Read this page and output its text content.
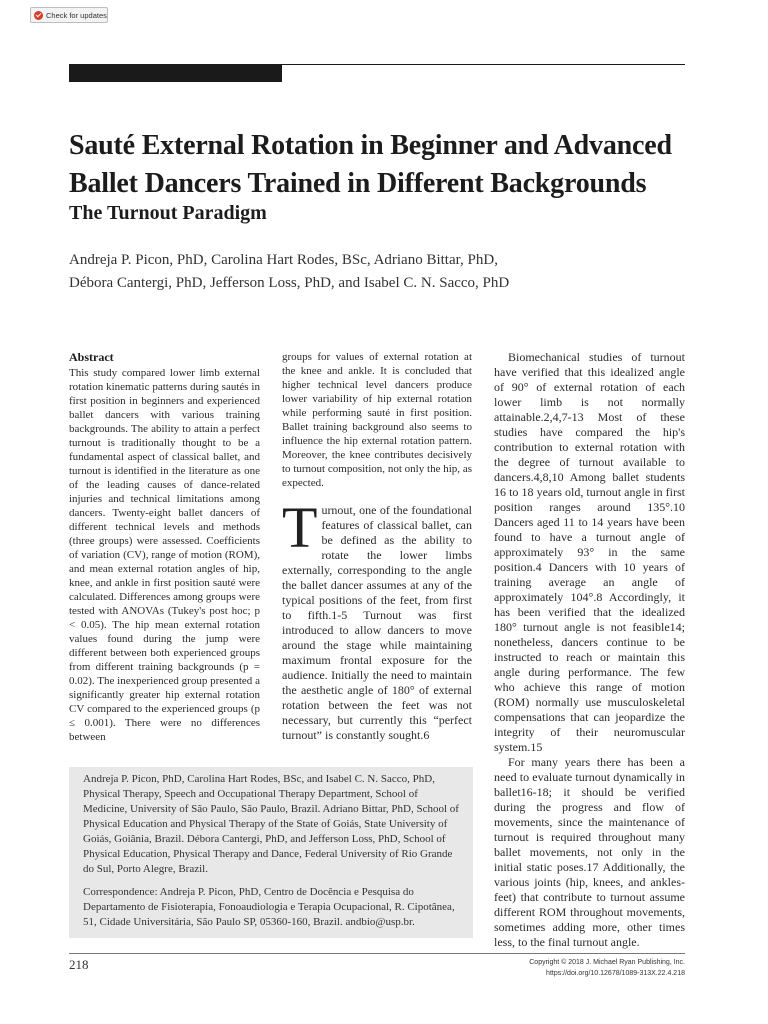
Check for updates
Sauté External Rotation in Beginner and Advanced Ballet Dancers Trained in Different Backgrounds
The Turnout Paradigm
Andreja P. Picon, PhD, Carolina Hart Rodes, BSc, Adriano Bittar, PhD,
Débora Cantergi, PhD, Jefferson Loss, PhD, and Isabel C. N. Sacco, PhD
Abstract

This study compared lower limb external rotation kinematic patterns during sautés in first position in beginners and experienced ballet dancers with various training backgrounds. The ability to attain a perfect turnout is traditionally thought to be a fundamental aspect of classical ballet, and turnout is identified in the literature as one of the leading causes of dance-related injuries and technical limitations among dancers. Twenty-eight ballet dancers of different technical levels and methods (three groups) were assessed. Coefficients of variation (CV), range of motion (ROM), and mean external rotation angles of hip, knee, and ankle in first position sauté were calculated. Differences among groups were tested with ANOVAs (Tukey's post hoc; p < 0.05). The hip mean external rotation values found during the jump were different between both experienced groups from different training backgrounds (p = 0.02). The inexperienced group presented a significantly greater hip external rotation CV compared to the experienced groups (p ≤ 0.001). There were no differences between

groups for values of external rotation at the knee and ankle. It is concluded that higher technical level dancers produce lower variability of hip external rotation while performing sauté in first position. Ballet training background also seems to influence the hip external rotation pattern. Moreover, the knee contributes decisively to turnout composition, not only the hip, as expected.

T urnout, one of the foundational features of classical ballet, can be defined as the ability to rotate the lower limbs externally, corresponding to the angle the ballet dancer assumes at any of the typical positions of the feet, from first to fifth.1-5 Turnout was first introduced to allow dancers to move around the stage while maintaining maximum frontal exposure for the audience. Initially the need to maintain the aesthetic angle of 180° of external rotation between the feet was not necessary, but currently this “perfect turnout” is constantly sought.6

Biomechanical studies of turnout have verified that this idealized angle of 90° of external rotation of each lower limb is not normally attainable.2,4,7-13 Most of these studies have compared the hip's contribution to external rotation with the degree of turnout available to dancers.4,8,10 Among ballet students 16 to 18 years old, turnout angle in first position ranges around 135°.10 Dancers aged 11 to 14 years have been found to have a turnout angle of approximately 93° in the same position.4 Dancers with 10 years of training average an angle of approximately 104°.8 Accordingly, it has been verified that the idealized 180° turnout angle is not feasible14; nonetheless, dancers continue to be instructed to reach or maintain this angle during performance. The few who achieve this range of motion (ROM) normally use musculoskeletal compensations that can jeopardize the integrity of their neuromuscular system.15

For many years there has been a need to evaluate turnout dynamically in ballet16-18; it should be verified during the progress and flow of movements, since the maintenance of turnout is required throughout many ballet movements, not only in the initial static poses.17 Additionally, the various joints (hip, knees, and ankles-feet) that contribute to turnout assume different ROM throughout movements, sometimes adding more, other times less, to the final turnout angle.

Andreja P. Picon, PhD, Carolina Hart Rodes, BSc, and Isabel C. N. Sacco, PhD, Physical Therapy, Speech and Occupational Therapy Department, School of Medicine, University of São Paulo, São Paulo, Brazil. Adriano Bittar, PhD, School of Physical Education and Physical Therapy of the State of Goiás, State University of Goiás, Goiânia, Brazil. Débora Cantergi, PhD, and Jefferson Loss, PhD, School of Physical Education, Physical Therapy and Dance, Federal University of Rio Grande do Sul, Porto Alegre, Brazil.

Correspondence: Andreja P. Picon, PhD, Centro de Docência e Pesquisa do Departamento de Fisioterapia, Fonoaudiologia e Terapia Ocupacional, R. Cipotânea, 51, Cidade Universitária, São Paulo SP, 05360-160, Brazil. andbio@usp.br.

218	Copyright © 2018 J. Michael Ryan Publishing, Inc.
https://doi.org/10.12678/1089-313X.22.4.218
